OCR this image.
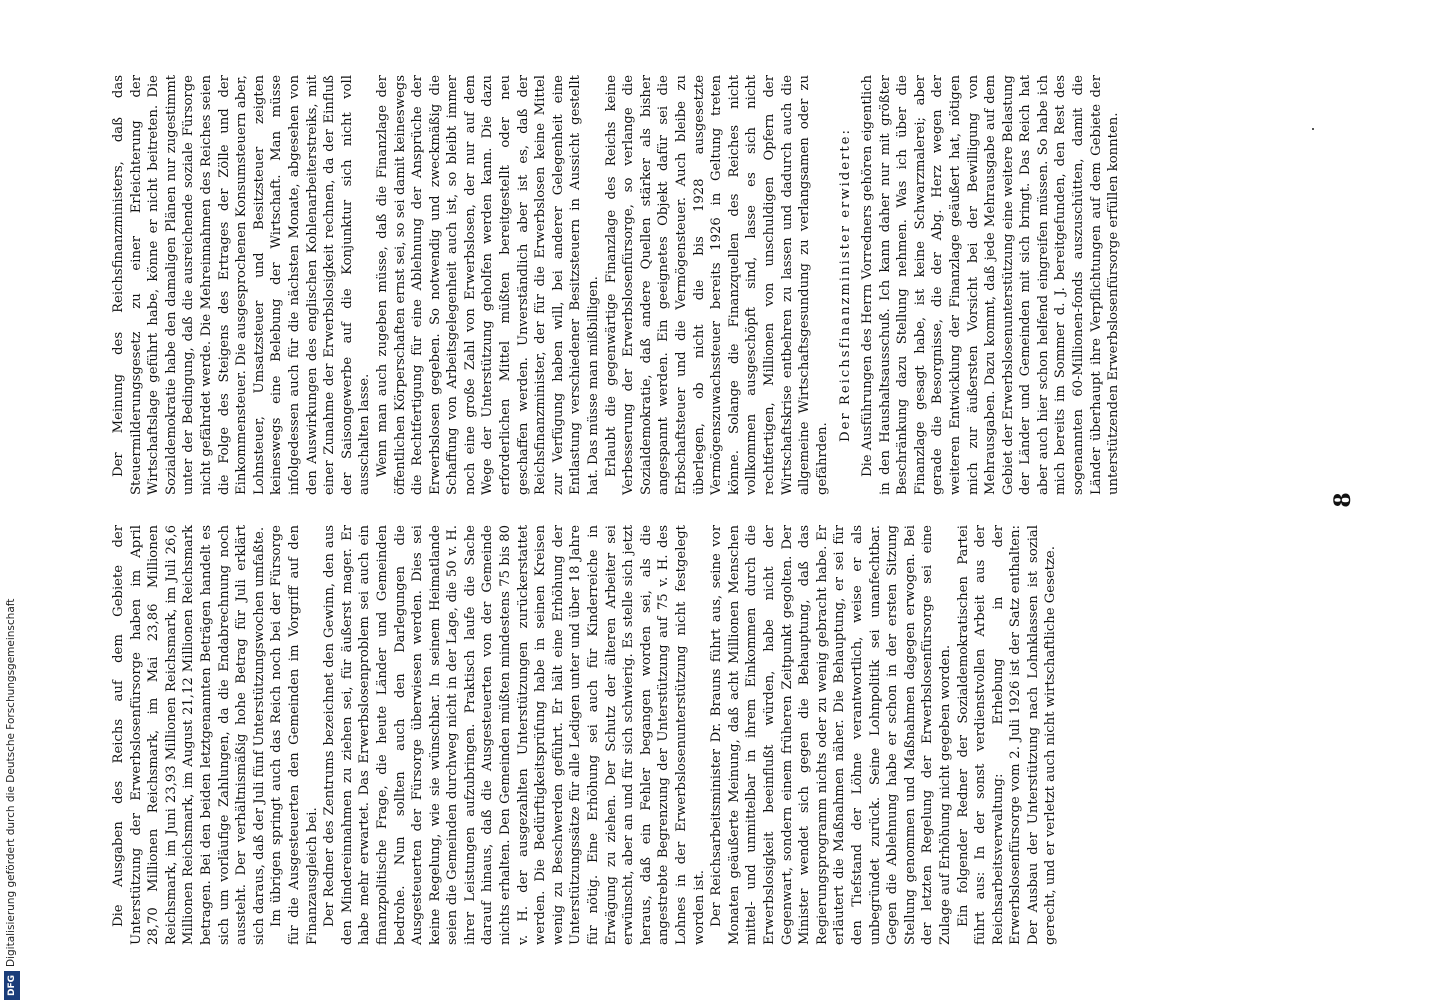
8

Der Meinung des Reichsfinanzministers, daß das Steuermilderungsgesetz zu einer Erleichterung der Wirtschaftslage geführt habe, könne er nicht beitreten. Die Sozialdemokratie habe den damaligen Plänen nur zugestimmt unter der Bedingung, daß die ausreichende soziale Fürsorge nicht gefährdet werde. Die Mehreinnahmen des Reiches seien die Folge des Steigens des Ertrages der Zölle und der Einkommensteuer. Die ausgesprochenen Konsumsteuern aber, Lohnsteuer, Umsatzsteuer und Besitzsteuer zeigten keineswegs eine Belebung der Wirtschaft. Man müsse infolgedessen auch für die nächsten Monate, abgesehen von den Auswirkungen des englischen Kohlenarbeiterstreiks, mit einer Zunahme der Erwerbslosigkeit rechnen, da der Einfluß der Saisongewerbe auf die Konjunktur sich nicht voll ausschalten lasse. Wenn man auch zugeben müsse, daß die Finanzlage der öffentlichen Körperschaften ernst sei, so sei damit keineswegs die Rechtfertigung für eine Ablehnung der Ansprüche der Erwerbslosen gegeben. So notwendig und zweckmäßig die Schaffung von Arbeitsgelegenheit auch ist, so bleibt immer noch eine große Zahl von Erwerbslosen, der nur auf dem Wege der Unterstützung geholfen werden kann. Die dazu erforderlichen Mittel müßten bereitgestellt oder neu geschaffen werden. Unverständlich aber ist es, daß der Reichsfinanzminister, der für die Erwerbslosen keine Mittel zur Verfügung haben will, bei anderer Gelegenheit eine Entlastung verschiedener Besitzsteuern in Aussicht gestellt hat. Das müsse man mißbilligen. Erlaubt die gegenwärtige Finanzlage des Reichs keine Verbesserung der Erwerbslosenfürsorge, so verlange die Sozialdemokratie, daß andere Quellen stärker als bisher angespannt werden. Ein geeignetes Objekt dafür sei die Erbschaftsteuer und die Vermögensteuer. Auch bleibe zu überlegen, ob nicht die bis 1928 ausgesetzte Vermögenszuwachssteuer bereits 1926 in Geltung treten könne. Solange die Finanzquellen des Reiches nicht vollkommen ausgeschöpft sind, lasse es sich nicht rechtfertigen, Millionen von unschuldigen Opfern der Wirtschaftskrise entbehren zu lassen und dadurch auch die allgemeine Wirtschaftsgesundung zu verlangsamen oder zu gefährden.

Der Reichsfinanzminister erwiderte: Die Ausführungen des Herrn Vorredners gehören eigentlich in den Haushaltsausschuß. Ich kann daher nur mit größter Beschränkung dazu Stellung nehmen. Was ich über die Finanzlage gesagt habe, ist keine Schwarzmalerei; aber gerade die Besorgnisse, die der Abg. Herz wegen der weiteren Entwicklung der Finanzlage geäußert hat, nötigen mich zur äußersten Vorsicht bei der Bewilligung von Mehrausgaben. Dazu kommt, daß jede Mehrausgabe auf dem Gebiet der Erwerbslosenunterstützung eine weitere Belastung der Länder und Gemeinden mit sich bringt. Das Reich hat aber auch hier schon helfend eingreifen müssen. So habe ich mich bereits im Sommer d. J. bereitgefunden, den Rest des sogenannten 60-Millionen-fonds auszuschütten, damit die Länder überhaupt ihre Verpflichtungen auf dem Gebiete der unterstützenden Erwerbslosenfürsorge erfüllen konnten.

Die Ausgaben des Reichs auf dem Gebiete der Unterstützung der Erwerbslosenfürsorge haben im April 28,70 Millionen Reichsmark, im Mai 23,86 Millionen Reichsmark, im Juni 23,93 Millionen Reichsmark, im Juli 26,6 Millionen Reichsmark, im August 21,12 Millionen Reichsmark betragen. Bei den beiden letztgenannten Beträgen handelt es sich um vorläufige Zahlungen, da die Endabrechnung noch aussteht. Der verhältnismäßig hohe Betrag für Juli erklärt sich daraus, daß der Juli fünf Unterstützungswochen umfaßte. Im übrigen springt auch das Reich noch bei der Fürsorge für die Ausgesteuerten den Gemeinden im Vorgriff auf den Finanzausgleich bei. Der Redner des Zentrums bezeichnet den Gewinn, den aus den Mindereinnahmen zu ziehen sei, für äußerst mager. Er habe mehr erwartet. Das Erwerbslosenproblem sei auch ein finanzpolitische Frage, die heute Länder und Gemeinden bedrohe. Nun sollten auch den Darlegungen die Ausgesteuerten der Fürsorge überwiesen werden. Dies sei keine Regelung, wie sie wünschbar. In seinem Heimatlande seien die Gemeinden durchweg nicht in der Lage, die 50 v. H. ihrer Leistungen aufzubringen. Praktisch laufe die Sache darauf hinaus, daß die Ausgesteuerten von der Gemeinde nichts erhalten. Den Gemeinden müßten mindestens 75 bis 80 v. H. der ausgezahlten Unterstützungen zurückerstattet werden. Die Bedürftigkeitsprüfung habe in seinen Kreisen wenig zu Beschwerden geführt. Er hält eine Erhöhung der Unterstützungssätze für alle Ledigen unter und über 18 Jahre für nötig. Eine Erhöhung sei auch für Kinderreiche in Erwägung zu ziehen. Der Schutz der älteren Arbeiter sei erwünscht, aber an und für sich schwierig. Es stelle sich jetzt heraus, daß ein Fehler begangen worden sei, als die angestrebte Begrenzung der Unterstützung auf 75 v. H. des Lohnes in der Erwerbslosenunterstützung nicht festgelegt worden ist. Der Reichsarbeitsminister Dr. Brauns führt aus, seine vor Monaten geäußerte Meinung, daß acht Millionen Menschen mittel- und unmittelbar in ihrem Einkommen durch die Erwerbslosigkeit beeinflußt würden, habe nicht der Gegenwart, sondern einem früheren Zeitpunkt gegolten. Der Minister wendet sich gegen die Behauptung, daß das Regierungsprogramm nichts oder zu wenig gebracht habe. Er erläutert die Maßnahmen näher. Die Behauptung, er sei für den Tiefstand der Löhne verantwortlich, weise er als unbegründet zurück. Seine Lohnpolitik sei unanfechtbar. Gegen die Ablehnung habe er schon in der ersten Sitzung Stellung genommen und Maßnahmen dagegen erwogen. Bei der letzten Regelung der Erwerbslosenfürsorge sei eine Zulage auf Erhöhung nicht gegeben worden. Ein folgender Redner der Sozialdemokratischen Partei führt aus: In der sonst verdienstvollen Arbeit aus der Reichsarbeitsverwaltung: Erhebung in der Erwerbslosenfürsorge vom 2. Juli 1926 ist der Satz enthalten: Der Ausbau der Unterstützung nach Lohnklassen ist sozial gerecht, und er verletzt auch nicht wirtschaftliche Gesetze.

DFGDigitalisierung gefördert durch die Deutsche Forschungsgemeinschaft
